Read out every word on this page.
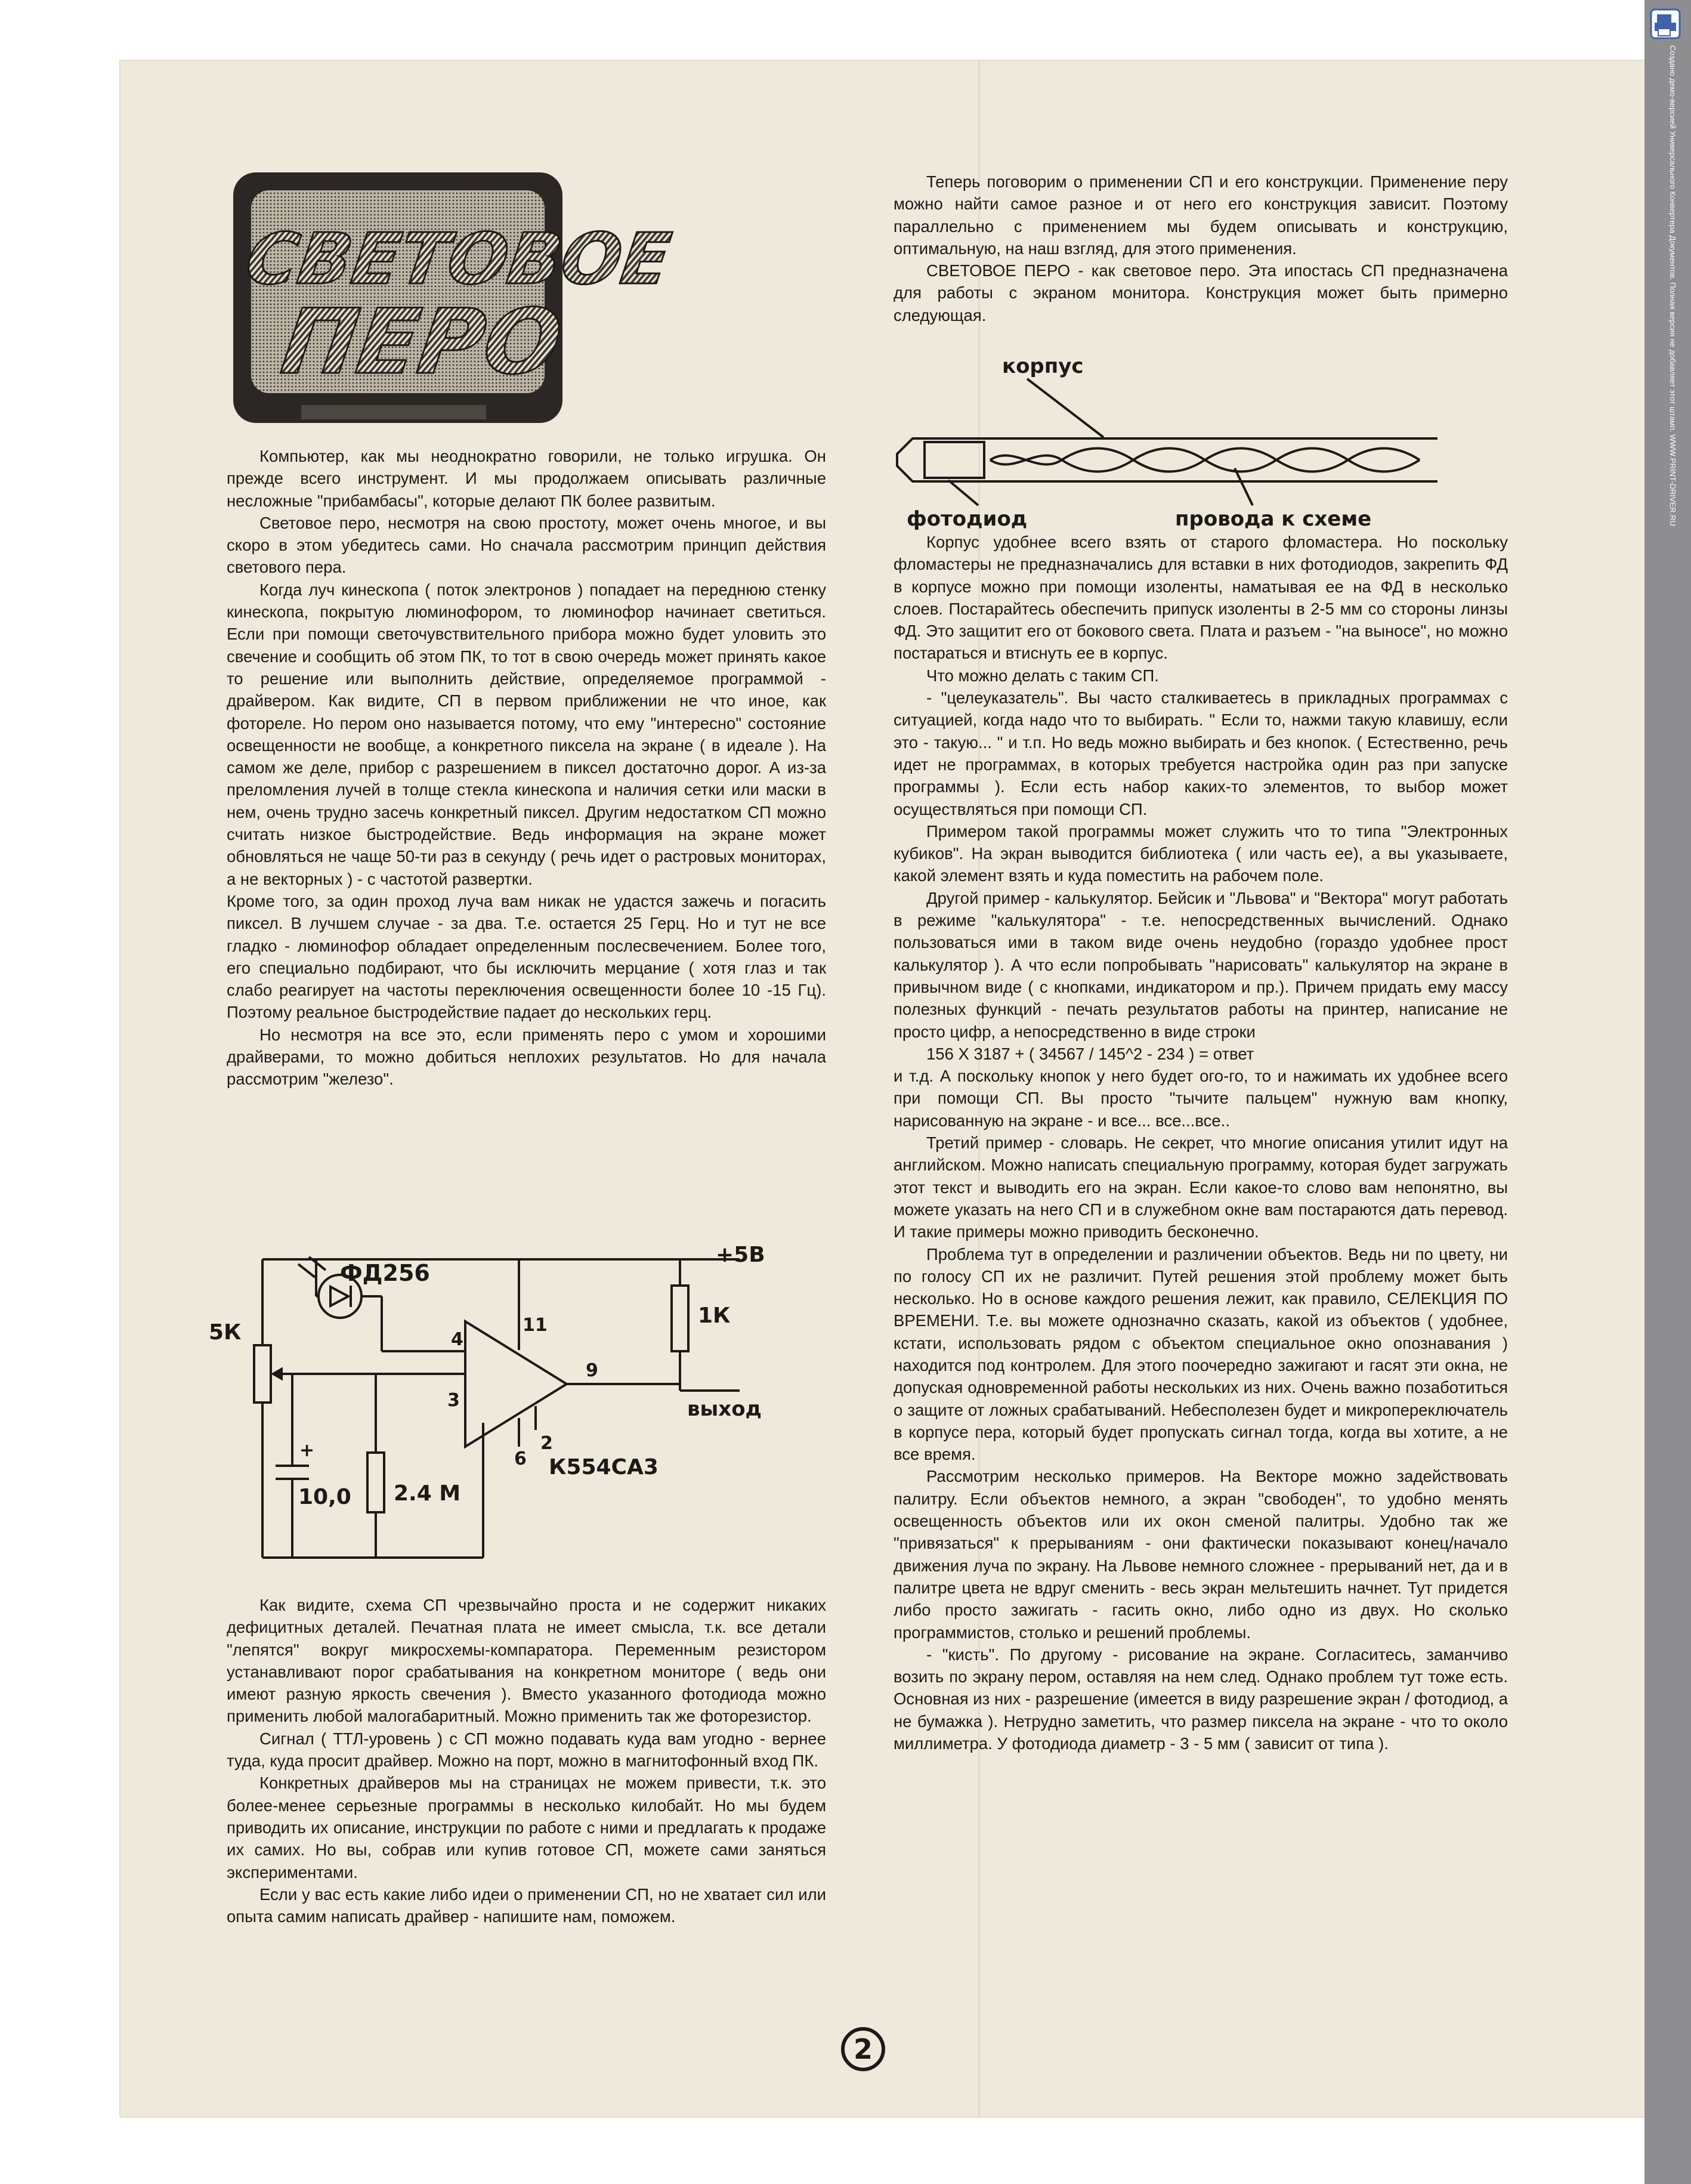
Создано демо-версией Универсального Конвертера Документов. Полная версия не добавляет этот штамп. WWW.PRINT-DRIVER.RU
СВЕТОВОЕ
ПЕРО

Компьютер, как мы неоднократно говорили, не только игрушка. Он прежде всего инструмент. И мы продолжаем описывать различные несложные "прибамбасы", которые делают ПК более развитым.

Световое перо, несмотря на свою простоту, может очень многое, и вы скоро в этом убедитесь сами. Но сначала рассмотрим принцип действия светового пера.

Когда луч кинескопа ( поток электронов ) попадает на переднюю стенку кинескопа, покрытую люминофором, то люминофор начинает светиться. Если при помощи светочувствительного прибора можно будет уловить это свечение и сообщить об этом ПК, то тот в свою очередь может принять какое то решение или выполнить действие, определяемое программой - драйвером. Как видите, СП в первом приближении не что иное, как фотореле. Но пером оно называется потому, что ему "интересно" состояние освещенности не вообще, а конкретного пиксела на экране ( в идеале ). На самом же деле, прибор с разрешением в пиксел достаточно дорог. А из-за преломления лучей в толще стекла кинескопа и наличия сетки или маски в нем, очень трудно засечь конкретный пиксел. Другим недостатком СП можно считать низкое быстродействие. Ведь информация на экране может обновляться не чаще 50-ти раз в секунду ( речь идет о растровых мониторах, а не векторных ) - с частотой развертки.

Кроме того, за один проход луча вам никак не удастся зажечь и погасить пиксел. В лучшем случае - за два. Т.е. остается 25 Герц. Но и тут не все гладко - люминофор обладает определенным послесвечением. Более того, его специально подбирают, что бы исключить мерцание ( хотя глаз и так слабо реагирует на частоты переключения освещенности более 10 -15 Гц). Поэтому реальное быстродействие падает до нескольких герц.

Но несмотря на все это, если применять перо с умом и хорошими драйверами, то можно добиться неплохих результатов. Но для начала рассмотрим "железо".

ФД256
+5В
1К
5К
10,0
+
2.4 М
К554СА3
выход
4
11
3
9
6
2

Как видите, схема СП чрезвычайно проста и не содержит никаких дефицитных деталей. Печатная плата не имеет смысла, т.к. все детали "лепятся" вокруг микросхемы-компаратора. Переменным резистором устанавливают порог срабатывания на конкретном мониторе ( ведь они имеют разную яркость свечения ). Вместо указанного фотодиода можно применить любой малогабаритный. Можно применить так же фоторезистор.

Сигнал ( ТТЛ-уровень ) с СП можно подавать куда вам угодно - вернее туда, куда просит драйвер. Можно на порт, можно в магнитофонный вход ПК.

Конкретных драйверов мы на страницах не можем привести, т.к. это более-менее серьезные программы в несколько килобайт. Но мы будем приводить их описание, инструкции по работе с ними и предлагать к продаже их самих. Но вы, собрав или купив готовое СП, можете сами заняться экспериментами.

Если у вас есть какие либо идеи о применении СП, но не хватает сил или опыта самим написать драйвер - напишите нам, поможем.

Теперь поговорим о применении СП и его конструкции. Применение перу можно найти самое разное и от него его конструкция зависит. Поэтому параллельно с применением мы будем описывать и конструкцию, оптимальную, на наш взгляд, для этого применения.

СВЕТОВОЕ ПЕРО - как световое перо. Эта ипостась СП предназначена для работы с экраном монитора. Конструкция может быть примерно следующая.

корпус
фотодиод	провода к схеме

Корпус удобнее всего взять от старого фломастера. Но поскольку фломастеры не предназначались для вставки в них фотодиодов, закрепить ФД в корпусе можно при помощи изоленты, наматывая ее на ФД в несколько слоев. Постарайтесь обеспечить припуск изоленты в 2-5 мм со стороны линзы ФД. Это защитит его от бокового света. Плата и разъем - "на выносе", но можно постараться и втиснуть ее в корпус.

Что можно делать с таким СП.

- "целеуказатель". Вы часто сталкиваетесь в прикладных программах с ситуацией, когда надо что то выбирать. " Если то, нажми такую клавишу, если это - такую... " и т.п. Но ведь можно выбирать и без кнопок. ( Естественно, речь идет не программах, в которых требуется настройка один раз при запуске программы ). Если есть набор каких-то элементов, то выбор может осуществляться при помощи СП.

Примером такой программы может служить что то типа "Электронных кубиков". На экран выводится библиотека ( или часть ее), а вы указываете, какой элемент взять и куда поместить на рабочем поле.

Другой пример - калькулятор. Бейсик и "Львова" и "Вектора" могут работать в режиме "калькулятора" - т.е. непосредственных вычислений. Однако пользоваться ими в таком виде очень неудобно (гораздо удобнее прост калькулятор ). А что если попробывать "нарисовать" калькулятор на экране в привычном виде ( с кнопками, индикатором и пр.). Причем придать ему массу полезных функций - печать результатов работы на принтер, написание не просто цифр, а непосредственно в виде строки

156 X 3187 + ( 34567 / 145^2 - 234 ) = ответ

и т.д. А поскольку кнопок у него будет ого-го, то и нажимать их удобнее всего при помощи СП. Вы просто "тычите пальцем" нужную вам кнопку, нарисованную на экране - и все... все...все..

Третий пример - словарь. Не секрет, что многие описания утилит идут на английском. Можно написать специальную программу, которая будет загружать этот текст и выводить его на экран. Если какое-то слово вам непонятно, вы можете указать на него СП и в служебном окне вам постараются дать перевод. И такие примеры можно приводить бесконечно.

Проблема тут в определении и различении объектов. Ведь ни по цвету, ни по голосу СП их не различит. Путей решения этой проблему может быть несколько. Но в основе каждого решения лежит, как правило, СЕЛЕКЦИЯ ПО ВРЕМЕНИ. Т.е. вы можете однозначно сказать, какой из объектов ( удобнее, кстати, использовать рядом с объектом специальное окно опознавания ) находится под контролем. Для этого поочередно зажигают и гасят эти окна, не допуская одновременной работы нескольких из них. Очень важно позаботиться о защите от ложных срабатываний. Небесполезен будет и микропереключатель в корпусе пера, который будет пропускать сигнал тогда, когда вы хотите, а не все время.

Рассмотрим несколько примеров. На Векторе можно задействовать палитру. Если объектов немного, а экран "свободен", то удобно менять освещенность объектов или их окон сменой палитры. Удобно так же "привязаться" к прерываниям - они фактически показывают конец/начало движения луча по экрану. На Львове немного сложнее - прерываний нет, да и в палитре цвета не вдруг сменить - весь экран мельтешить начнет. Тут придется либо просто зажигать - гасить окно, либо одно из двух. Но сколько программистов, столько и решений проблемы.

- "кисть". По другому - рисование на экране. Согласитесь, заманчиво возить по экрану пером, оставляя на нем след. Однако проблем тут тоже есть. Основная из них - разрешение (имеется в виду разрешение экран / фотодиод, а не бумажка ). Нетрудно заметить, что размер пиксела на экране - что то около миллиметра. У фотодиода диаметр - 3 - 5 мм ( зависит от типа ).

2
